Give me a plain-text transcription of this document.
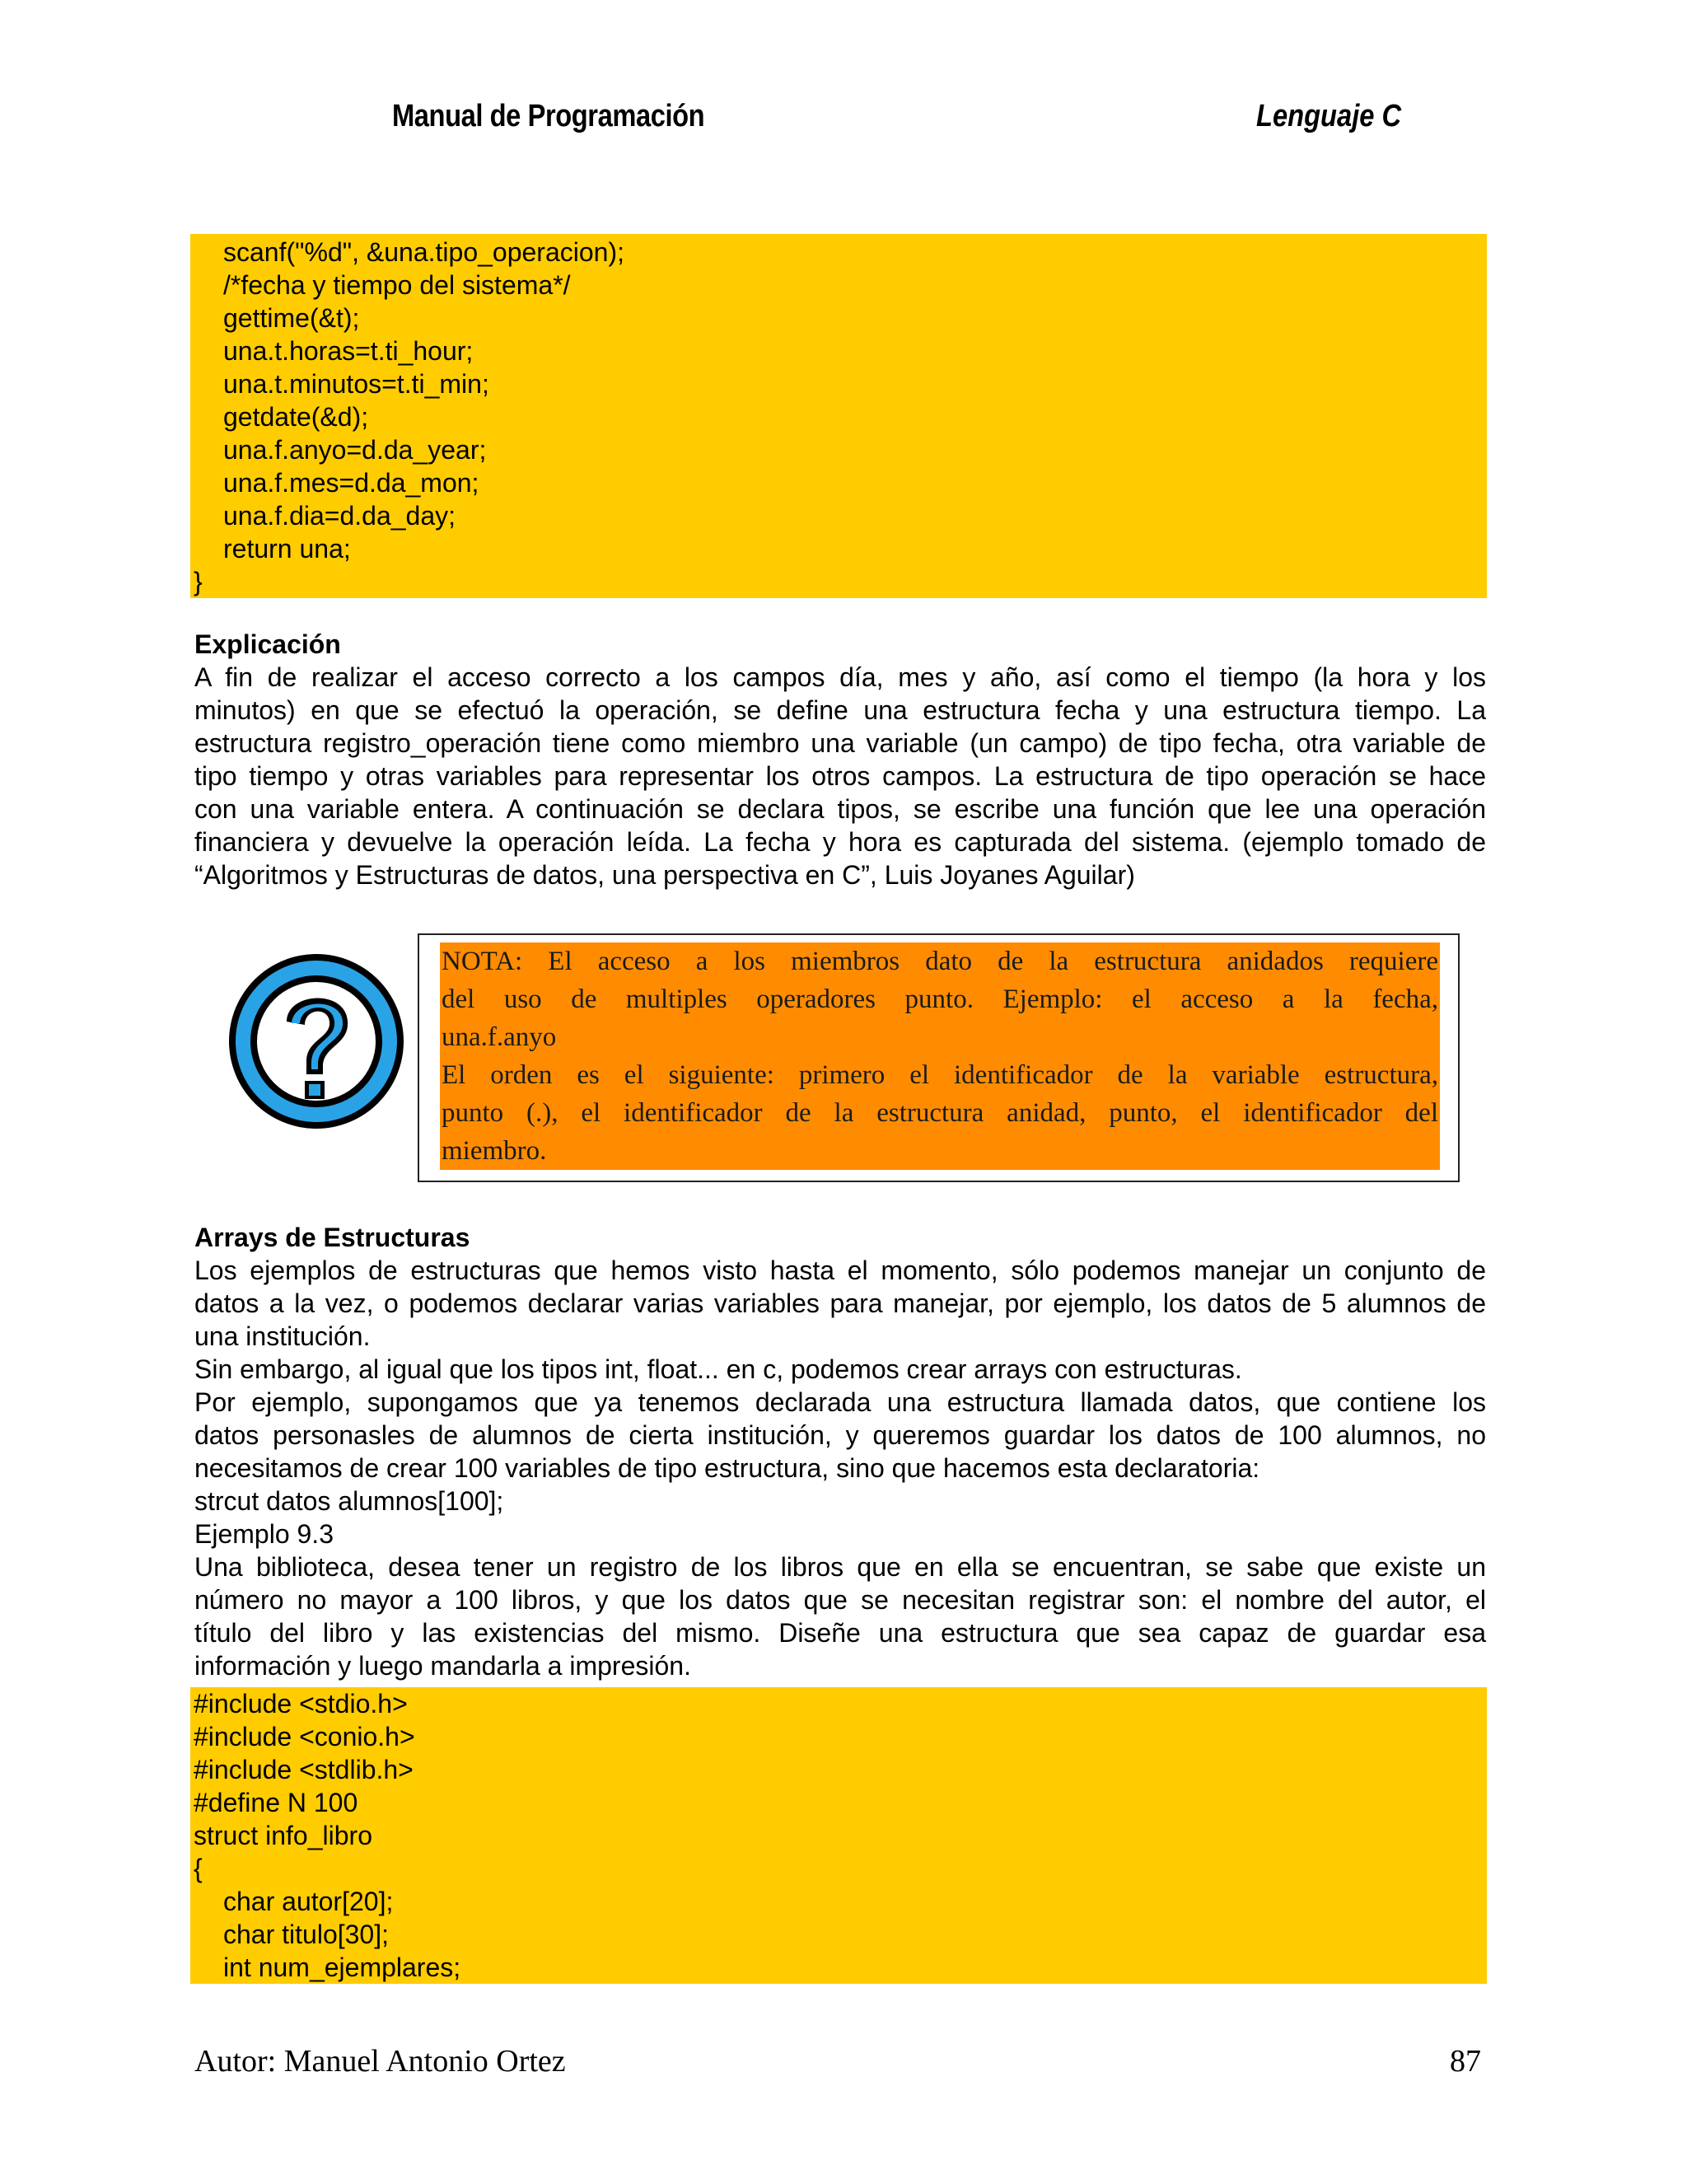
Manual de Programación	Lenguaje C
scanf("%d", &una.tipo_operacion);
/*fecha y tiempo del sistema*/
gettime(&t);
una.t.horas=t.ti_hour;
una.t.minutos=t.ti_min;
getdate(&d);
una.f.anyo=d.da_year;
una.f.mes=d.da_mon;
una.f.dia=d.da_day;
return una;
}
Explicación
A fin de realizar el acceso correcto a los campos día, mes y año, así como el tiempo (la hora y los
minutos) en que se efectuó la operación, se define una estructura fecha y una estructura tiempo. La
estructura registro_operación tiene como miembro una variable (un campo) de tipo fecha, otra variable de
tipo tiempo y otras variables para representar los otros campos. La estructura de tipo operación se hace
con una variable entera. A continuación se declara tipos, se escribe una función que lee una operación
financiera y devuelve la operación leída. La fecha y hora es capturada del sistema. (ejemplo tomado de
“Algoritmos y Estructuras de datos, una perspectiva en C”, Luis Joyanes Aguilar)
NOTA: El acceso a los miembros dato de la estructura anidados requiere
del uso de multiples operadores punto. Ejemplo: el acceso a la fecha,
una.f.anyo
El orden es el siguiente: primero el identificador de la variable estructura,
punto (.), el identificador de la estructura anidad, punto, el identificador del
miembro.
Arrays de Estructuras
Los ejemplos de estructuras que hemos visto hasta el momento, sólo podemos manejar un conjunto de
datos a la vez, o podemos declarar varias variables para manejar, por ejemplo, los datos de 5 alumnos de
una institución.
Sin embargo, al igual que los tipos int, float... en c, podemos crear arrays con estructuras.
Por ejemplo, supongamos que ya tenemos declarada una estructura llamada datos, que contiene los
datos personasles de alumnos de cierta institución, y queremos guardar los datos de 100 alumnos, no
necesitamos de crear 100 variables de tipo estructura, sino que hacemos esta declaratoria:
strcut datos alumnos[100];
Ejemplo 9.3
Una biblioteca, desea tener un registro de los libros que en ella se encuentran, se sabe que existe un
número no mayor a 100 libros, y que los datos que se necesitan registrar son: el nombre del autor, el
título del libro y las existencias del mismo. Diseñe una estructura que sea capaz de guardar esa
información y luego mandarla a impresión.
#include <stdio.h>
#include <conio.h>
#include <stdlib.h>
#define N 100
struct info_libro
{
char autor[20];
char titulo[30];
int num_ejemplares;
Autor: Manuel Antonio Ortez	87
